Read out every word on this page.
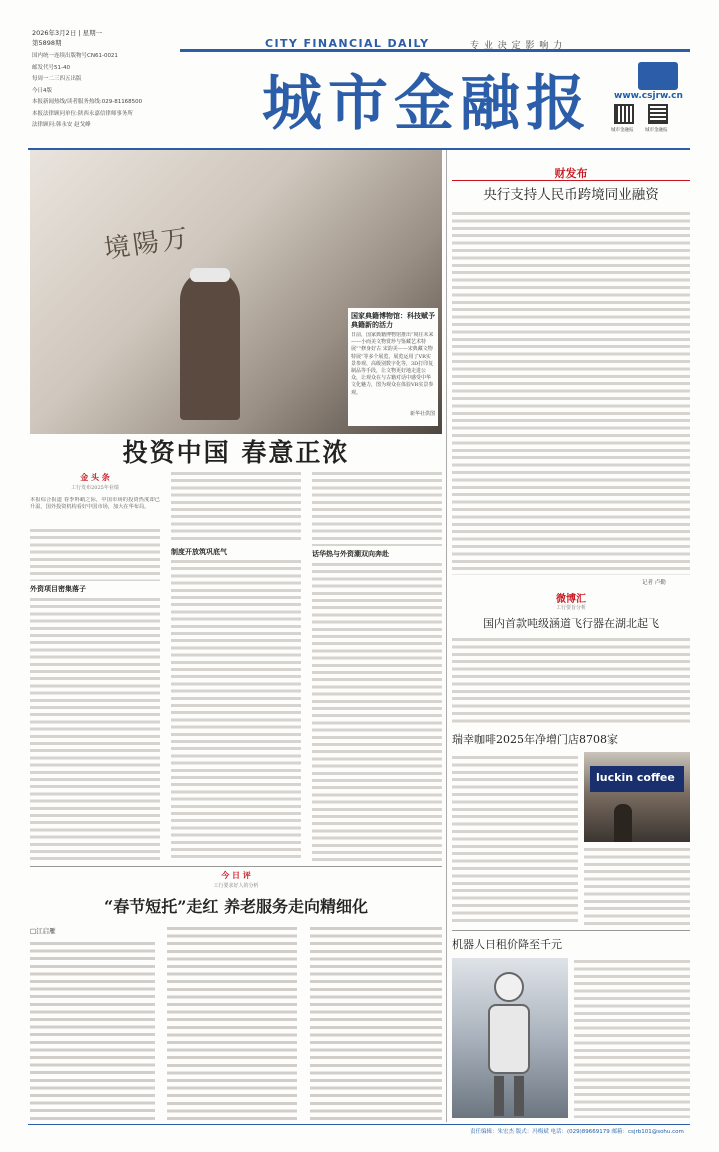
2026年3月2日 | 星期一
第5898期
国内统一连续出版物号CN61-0021
邮发代号51-40
每周一二三四五出版
今日4版
本报新闻热线/读者服务热线:029-81168500
本报法律顾问单位:陕西永嘉信律师事务所
法律顾问:韩永安 赵戈峰
CITY FINANCIAL DAILY	专 业 决 定 影 响 力
城市金融报 www.csjrw.cn
城市金融报	城市金融报
境陽万
国家典籍博物馆：科技赋予典籍新的活力
日前，国家典籍博物馆推出“境往未来——小而美文物赏珍与鉴藏艺术特展”“修身好古 宋韵美——宋典藏文物特展”等多个展览，展览运用了VR实景参观、高级别数字化等，3D打印复制品等手段，让文物更好地走进公众，让观众在与古籍对话中感受中华文化魅力，图为观众在体验VR实景参观。
新华社供图
投资中国 春意正浓
金 头 条
工行发布2025年业绩
本报综合报道 春季料峭之际，中国市场的投资热度却已升温，国外投资机构看好中国市场，加大在华布局。
外资项目密集落子
制度开放筑巩底气	话华热与外资潮双向奔赴
今 日 评
工行要求好人的分析
“春节短托”走红 养老服务走向精细化
□江启雁
财发布
央行支持人民币跨境同业融资
记者 卢勤
微博汇
工行要旨分析
国内首款吨级涵道飞行器在湖北起飞
瑞幸咖啡2025年净增门店8708家
luckin coffee
机器人日租价降至千元
责任编辑：朱宏杰 版式：冯梅斌 电话：(029)89669179 邮箱：csjrb101@sohu.com
